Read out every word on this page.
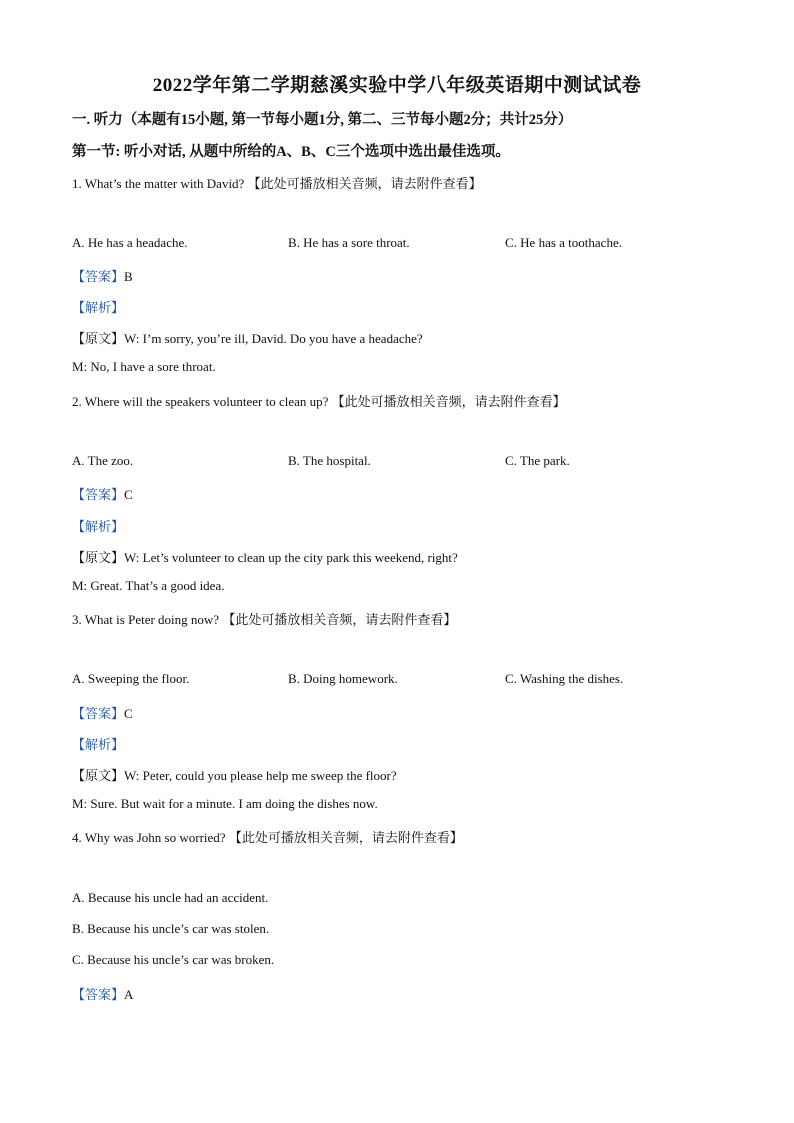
2022学年第二学期慈溪实验中学八年级英语期中测试试卷
一. 听力（本题有15小题, 第一节每小题1分, 第二、三节每小题2分；共计25分）
第一节: 听小对话, 从题中所给的A、B、C三个选项中选出最佳选项。
1. What’s the matter with David? 【此处可播放相关音频，请去附件查看】
A. He has a headache.	B. He has a sore throat.	C. He has a toothache.
【答案】B
【解析】
【原文】W: I’m sorry, you’re ill, David. Do you have a headache?
M: No, I have a sore throat.
2. Where will the speakers volunteer to clean up? 【此处可播放相关音频，请去附件查看】
A. The zoo.	B. The hospital.	C. The park.
【答案】C
【解析】
【原文】W: Let’s volunteer to clean up the city park this weekend, right?
M: Great. That’s a good idea.
3. What is Peter doing now? 【此处可播放相关音频，请去附件查看】
A. Sweeping the floor.	B. Doing homework.	C. Washing the dishes.
【答案】C
【解析】
【原文】W: Peter, could you please help me sweep the floor?
M: Sure. But wait for a minute. I am doing the dishes now.
4. Why was John so worried? 【此处可播放相关音频，请去附件查看】
A. Because his uncle had an accident.
B. Because his uncle’s car was stolen.
C. Because his uncle’s car was broken.
【答案】A
